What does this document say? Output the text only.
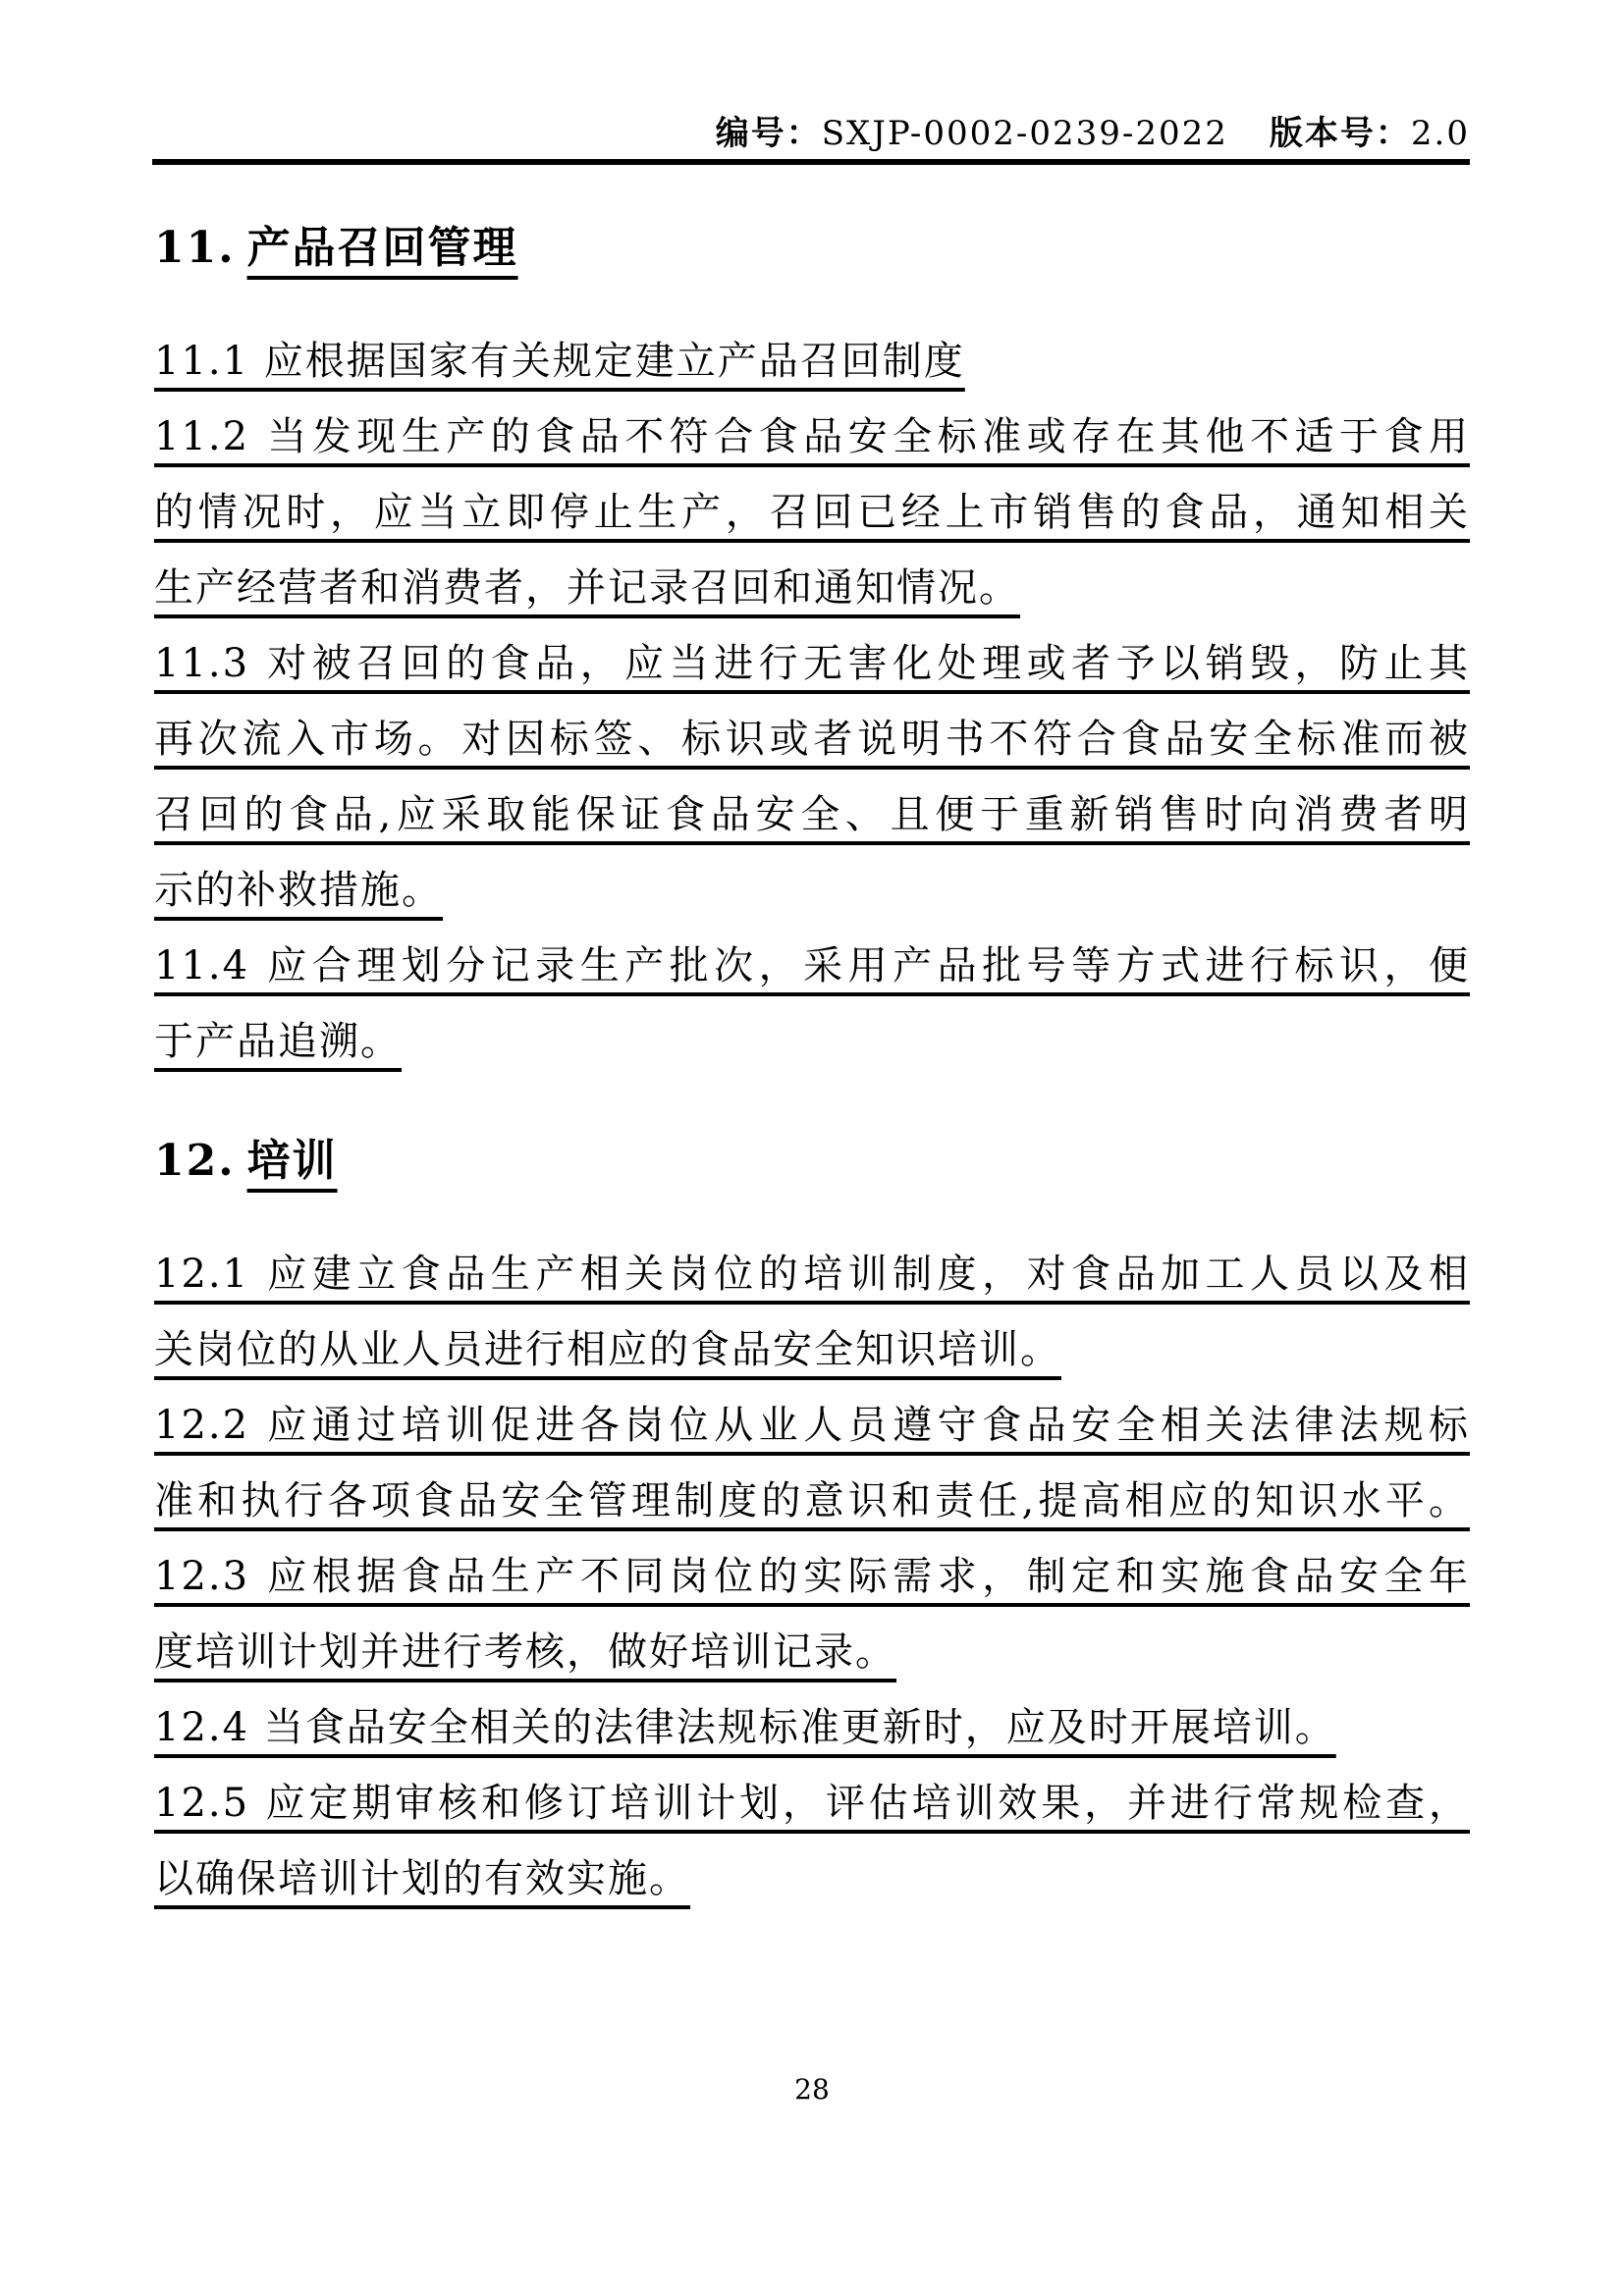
编号：SXJP-0002-0239-2022 版本号：2.0
11. 产品召回管理
11.1 应根据国家有关规定建立产品召回制度
11.2 当发现生产的食品不符合食品安全标准或存在其他不适于食用
的情况时，应当立即停止生产，召回已经上市销售的食品，通知相关
生产经营者和消费者，并记录召回和通知情况。
11.3 对被召回的食品，应当进行无害化处理或者予以销毁，防止其
再次流入市场。对因标签、标识或者说明书不符合食品安全标准而被
召回的食品,应采取能保证食品安全、且便于重新销售时向消费者明
示的补救措施。
11.4 应合理划分记录生产批次，采用产品批号等方式进行标识，便
于产品追溯。
12. 培训
12.1 应建立食品生产相关岗位的培训制度，对食品加工人员以及相
关岗位的从业人员进行相应的食品安全知识培训。
12.2 应通过培训促进各岗位从业人员遵守食品安全相关法律法规标
准和执行各项食品安全管理制度的意识和责任,提高相应的知识水平。
12.3 应根据食品生产不同岗位的实际需求，制定和实施食品安全年
度培训计划并进行考核，做好培训记录。
12.4 当食品安全相关的法律法规标准更新时，应及时开展培训。
12.5 应定期审核和修订培训计划，评估培训效果，并进行常规检查，
以确保培训计划的有效实施。
28
